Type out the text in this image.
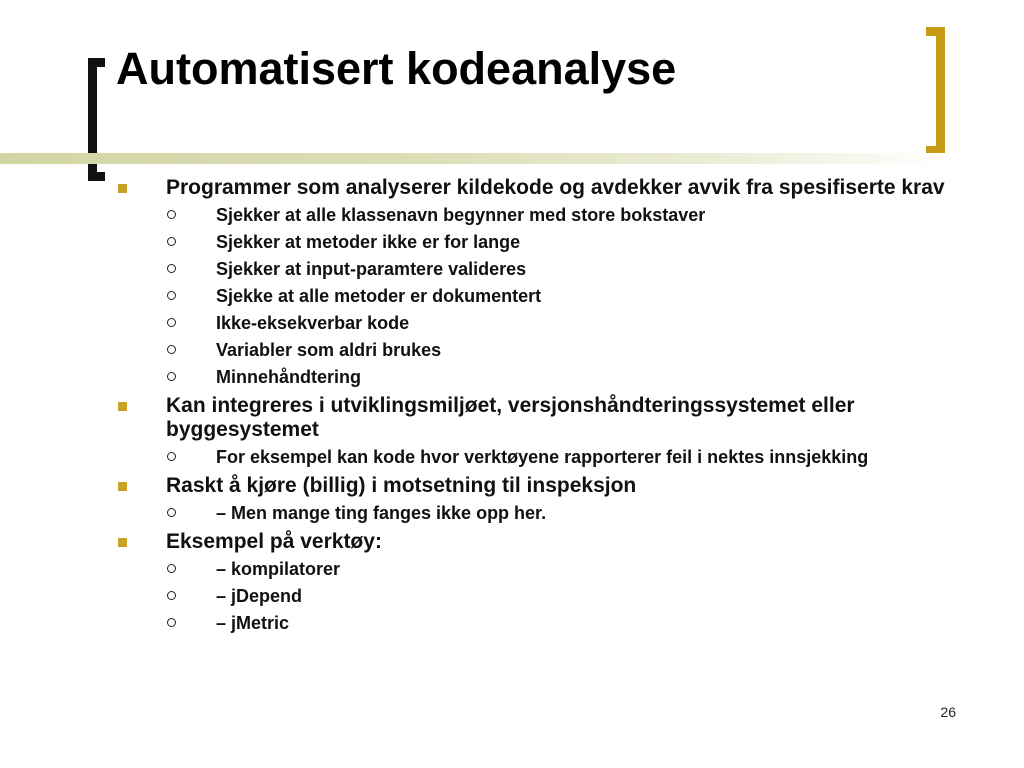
Automatisert kodeanalyse
Programmer som analyserer kildekode og avdekker avvik fra spesifiserte krav
Sjekker at alle klassenavn begynner med store bokstaver
Sjekker at metoder ikke er for lange
Sjekker at input-paramtere valideres
Sjekke at alle metoder er dokumentert
Ikke-eksekverbar kode
Variabler som aldri brukes
Minnehåndtering
Kan integreres i utviklingsmiljøet, versjonshåndteringssystemet eller byggesystemet
For eksempel kan kode hvor verktøyene rapporterer feil i nektes innsjekking
Raskt å kjøre (billig) i motsetning til inspeksjon
– Men mange ting fanges ikke opp her.
Eksempel på verktøy:
– kompilatorer
– jDepend
– jMetric
26
